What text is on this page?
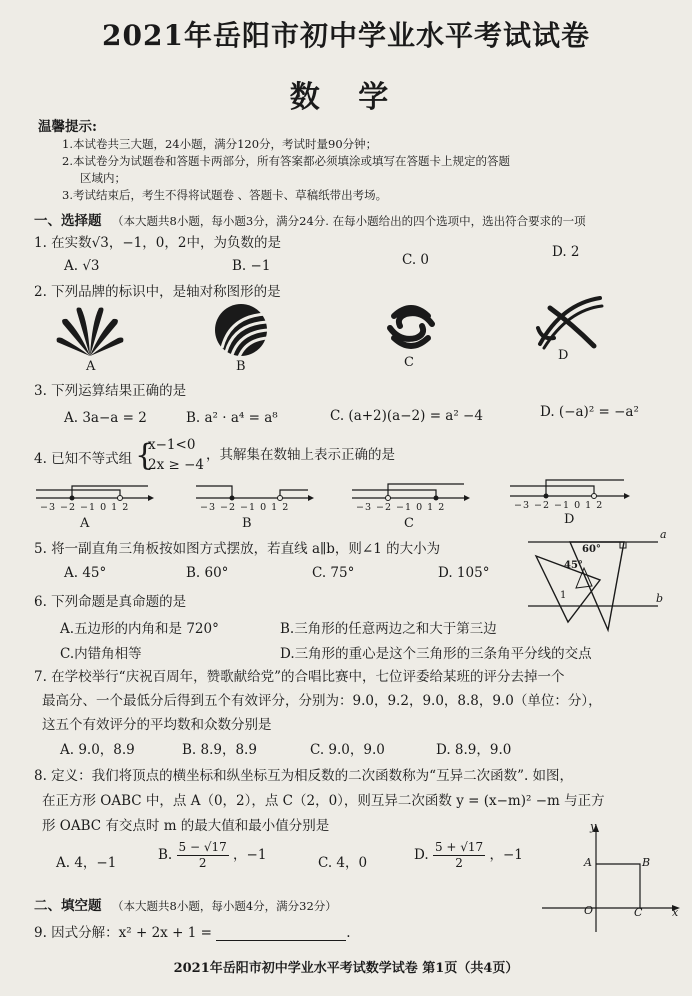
2021年岳阳市初中学业水平考试试卷
数 学
温馨提示:
1.本试卷共三大题，24小题，满分120分，考试时量90分钟；
2.本试卷分为试题卷和答题卡两部分，所有答案都必须填涂或填写在答题卡上规定的答题
区域内；
3.考试结束后，考生不得将试题卷 、答题卡、草稿纸带出考场。
一、选择题 （本大题共8小题，每小题3分，满分24分. 在每小题给出的四个选项中，选出符合要求的一项
1. 在实数√3，−1，0，2中，为负数的是
A. √3	B. −1	C. 0	D. 2
2. 下列品牌的标识中，是轴对称图形的是
A	B	C	D
3. 下列运算结果正确的是
A. 3a−a = 2	B. a² · a⁴ = a⁸	C. (a+2)(a−2) = a² −4	D. (−a)² = −a²
4. 已知不等式组 {
x−1<0
2x ≥ −4
，其解集在数轴上表示正确的是
−3 −2 −1 0 1 2
A
−3 −2 −1 0 1 2
B
−3 −2 −1 0 1 2
C
−3 −2 −1 0 1 2
D
5. 将一副直角三角板按如图方式摆放，若直线 a∥b，则∠1 的大小为
A. 45°	B. 60°	C. 75°	D. 105°
a
b
60°
45°
1
6. 下列命题是真命题的是
A.五边形的内角和是 720°	B.三角形的任意两边之和大于第三边
C.内错角相等	D.三角形的重心是这个三角形的三条角平分线的交点
7. 在学校举行“庆祝百周年，赞歌献给党”的合唱比赛中，七位评委给某班的评分去掉一个
最高分、一个最低分后得到五个有效评分，分别为：9.0，9.2，9.0，8.8，9.0（单位：分），
这五个有效评分的平均数和众数分别是
A. 9.0，8.9	B. 8.9，8.9	C. 9.0，9.0	D. 8.9，9.0
8. 定义：我们将顶点的横坐标和纵坐标互为相反数的二次函数称为“互异二次函数”. 如图，
在正方形 OABC 中，点 A（0，2），点 C（2，0），则互异二次函数 y = (x−m)² −m 与正方
形 OABC 有交点时 m 的最大值和最小值分别是
A. 4，−1	B. $\frac{5 - √17}{2}$ ，−1	C. 4，0	D. $\frac{5 + √17}{2}$ ，−1
y
x
A	B
O	C
二、填空题 （本大题共8小题，每小题4分，满分32分）
9. 因式分解：x² + 2x + 1 =	.
2021年岳阳市初中学业水平考试数学试卷 第1页（共4页）
